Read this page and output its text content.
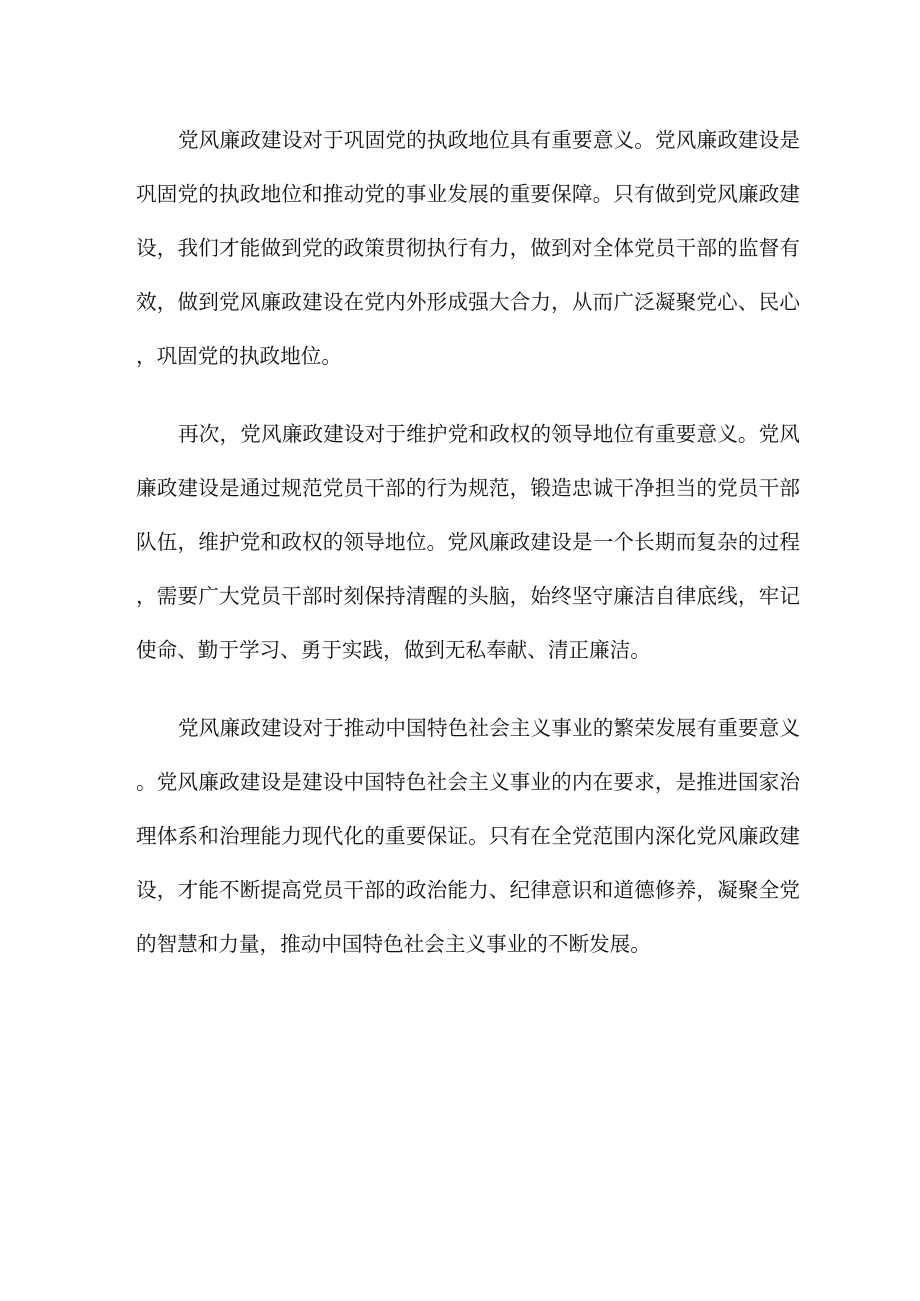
党风廉政建设对于巩固党的执政地位具有重要意义。党风廉政建设是巩固党的执政地位和推动党的事业发展的重要保障。只有做到党风廉政建设，我们才能做到党的政策贯彻执行有力，做到对全体党员干部的监督有效，做到党风廉政建设在党内外形成强大合力，从而广泛凝聚党心、民心，巩固党的执政地位。

再次，党风廉政建设对于维护党和政权的领导地位有重要意义。党风廉政建设是通过规范党员干部的行为规范，锻造忠诚干净担当的党员干部队伍，维护党和政权的领导地位。党风廉政建设是一个长期而复杂的过程，需要广大党员干部时刻保持清醒的头脑，始终坚守廉洁自律底线，牢记使命、勤于学习、勇于实践，做到无私奉献、清正廉洁。

党风廉政建设对于推动中国特色社会主义事业的繁荣发展有重要意义。党风廉政建设是建设中国特色社会主义事业的内在要求，是推进国家治理体系和治理能力现代化的重要保证。只有在全党范围内深化党风廉政建设，才能不断提高党员干部的政治能力、纪律意识和道德修养，凝聚全党的智慧和力量，推动中国特色社会主义事业的不断发展。
